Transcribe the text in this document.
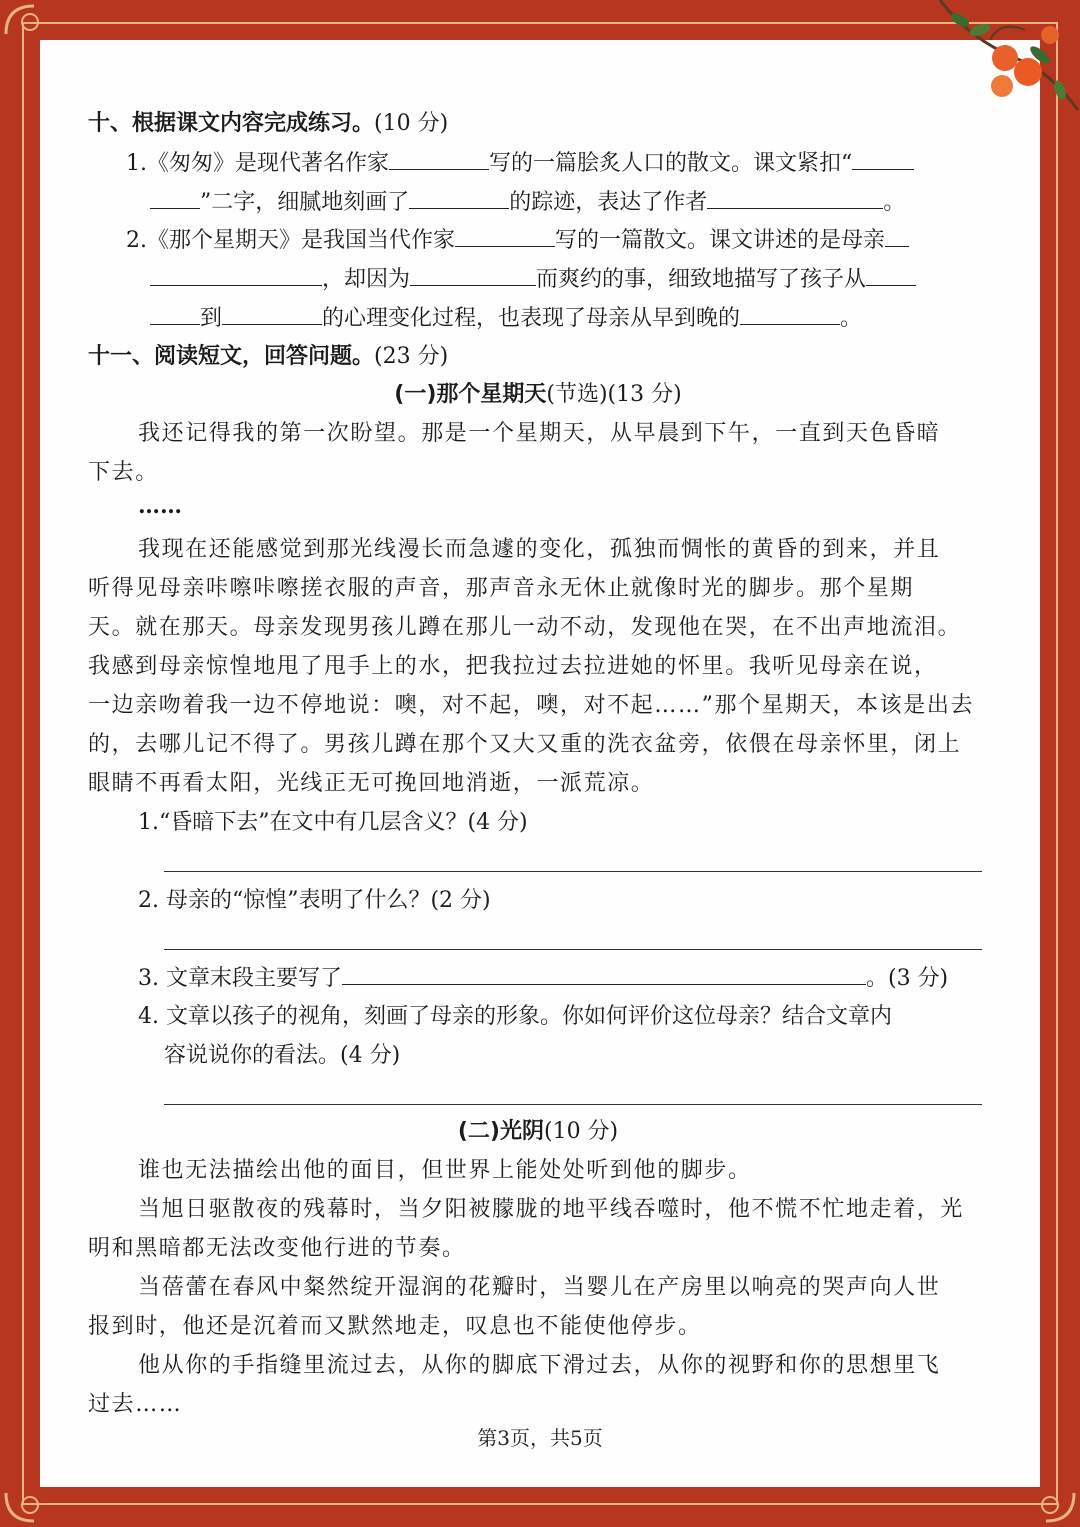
十、根据课文内容完成练习。(10 分)
1.《匆匆》是现代著名作家	写的一篇脍炙人口的散文。课文紧扣“
”二字，细腻地刻画了	的踪迹，表达了作者	。
2.《那个星期天》是我国当代作家	写的一篇散文。课文讲述的是母亲
，却因为	而爽约的事，细致地描写了孩子从
到	的心理变化过程，也表现了母亲从早到晚的	。
十一、阅读短文，回答问题。(23 分)
(一)那个星期天(节选)(13 分)
我还记得我的第一次盼望。那是一个星期天，从早晨到下午，一直到天色昏暗
下去。
……
我现在还能感觉到那光线漫长而急遽的变化，孤独而惆怅的黄昏的到来，并且
听得见母亲咔嚓咔嚓搓衣服的声音，那声音永无休止就像时光的脚步。那个星期
天。就在那天。母亲发现男孩儿蹲在那儿一动不动，发现他在哭，在不出声地流泪。
我感到母亲惊惶地甩了甩手上的水，把我拉过去拉进她的怀里。我听见母亲在说，
一边亲吻着我一边不停地说：噢，对不起，噢，对不起……”那个星期天，本该是出去
的，去哪儿记不得了。男孩儿蹲在那个又大又重的洗衣盆旁，依偎在母亲怀里，闭上
眼睛不再看太阳，光线正无可挽回地消逝，一派荒凉。
1.“昏暗下去”在文中有几层含义？(4 分)
2. 母亲的“惊惶”表明了什么？(2 分)
3. 文章末段主要写了	。(3 分)
4. 文章以孩子的视角，刻画了母亲的形象。你如何评价这位母亲？结合文章内
容说说你的看法。(4 分)
(二)光阴(10 分)
谁也无法描绘出他的面目，但世界上能处处听到他的脚步。
当旭日驱散夜的残幕时，当夕阳被朦胧的地平线吞噬时，他不慌不忙地走着，光
明和黑暗都无法改变他行进的节奏。
当蓓蕾在春风中粲然绽开湿润的花瓣时，当婴儿在产房里以响亮的哭声向人世
报到时，他还是沉着而又默然地走，叹息也不能使他停步。
他从你的手指缝里流过去，从你的脚底下滑过去，从你的视野和你的思想里飞
过去……
第3页，共5页
